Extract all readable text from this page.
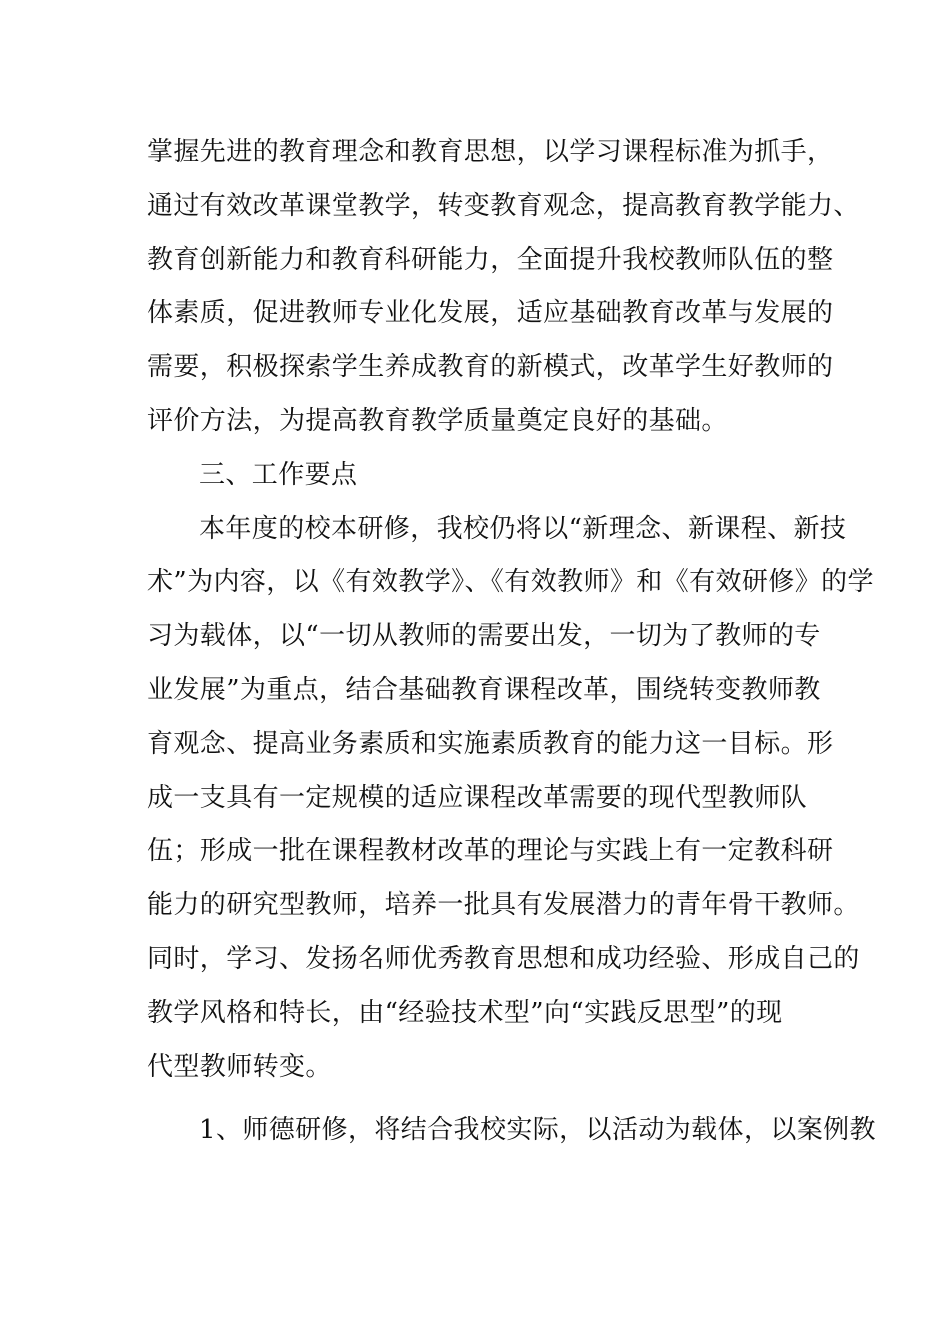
掌握先进的教育理念和教育思想，以学习课程标准为抓手，
通过有效改革课堂教学，转变教育观念，提高教育教学能力、
教育创新能力和教育科研能力，全面提升我校教师队伍的整
体素质，促进教师专业化发展，适应基础教育改革与发展的
需要，积极探索学生养成教育的新模式，改革学生好教师的
评价方法，为提高教育教学质量奠定良好的基础。
三、工作要点
本年度的校本研修，我校仍将以“新理念、新课程、新技
术”为内容，以《有效教学》、《有效教师》和《有效研修》的学
习为载体，以“一切从教师的需要出发，一切为了教师的专
业发展”为重点，结合基础教育课程改革，围绕转变教师教
育观念、提高业务素质和实施素质教育的能力这一目标。形
成一支具有一定规模的适应课程改革需要的现代型教师队
伍；形成一批在课程教材改革的理论与实践上有一定教科研
能力的研究型教师，培养一批具有发展潜力的青年骨干教师。
同时，学习、发扬名师优秀教育思想和成功经验、形成自己的
教学风格和特长，由“经验技术型”向“实践反思型”的现
代型教师转变。
1、师德研修，将结合我校实际，以活动为载体，以案例教
